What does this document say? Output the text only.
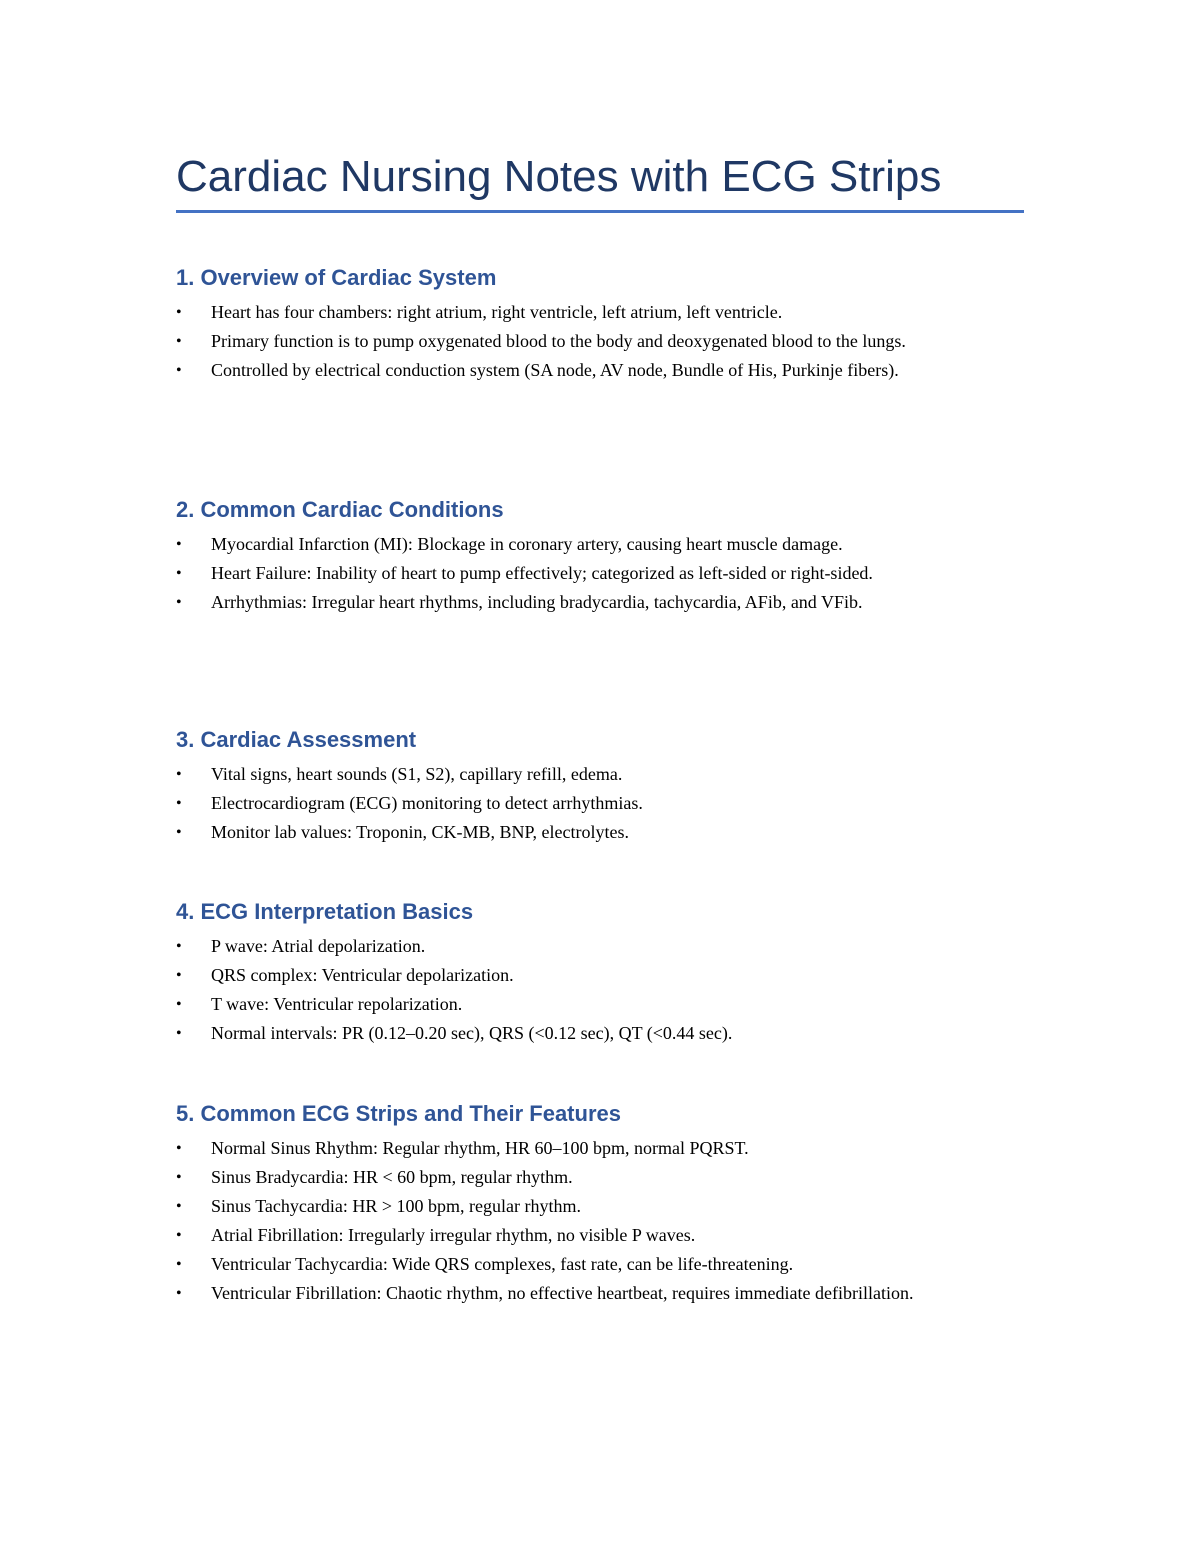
Cardiac Nursing Notes with ECG Strips
1. Overview of Cardiac System
•	Heart has four chambers: right atrium, right ventricle, left atrium, left ventricle.
•	Primary function is to pump oxygenated blood to the body and deoxygenated blood to the lungs.
•	Controlled by electrical conduction system (SA node, AV node, Bundle of His, Purkinje fibers).
2. Common Cardiac Conditions
•	Myocardial Infarction (MI): Blockage in coronary artery, causing heart muscle damage.
•	Heart Failure: Inability of heart to pump effectively; categorized as left-sided or right-sided.
•	Arrhythmias: Irregular heart rhythms, including bradycardia, tachycardia, AFib, and VFib.
3. Cardiac Assessment
•	Vital signs, heart sounds (S1, S2), capillary refill, edema.
•	Electrocardiogram (ECG) monitoring to detect arrhythmias.
•	Monitor lab values: Troponin, CK-MB, BNP, electrolytes.
4. ECG Interpretation Basics
•	P wave: Atrial depolarization.
•	QRS complex: Ventricular depolarization.
•	T wave: Ventricular repolarization.
•	Normal intervals: PR (0.12–0.20 sec), QRS (<0.12 sec), QT (<0.44 sec).
5. Common ECG Strips and Their Features
•	Normal Sinus Rhythm: Regular rhythm, HR 60–100 bpm, normal PQRST.
•	Sinus Bradycardia: HR < 60 bpm, regular rhythm.
•	Sinus Tachycardia: HR > 100 bpm, regular rhythm.
•	Atrial Fibrillation: Irregularly irregular rhythm, no visible P waves.
•	Ventricular Tachycardia: Wide QRS complexes, fast rate, can be life-threatening.
•	Ventricular Fibrillation: Chaotic rhythm, no effective heartbeat, requires immediate defibrillation.
